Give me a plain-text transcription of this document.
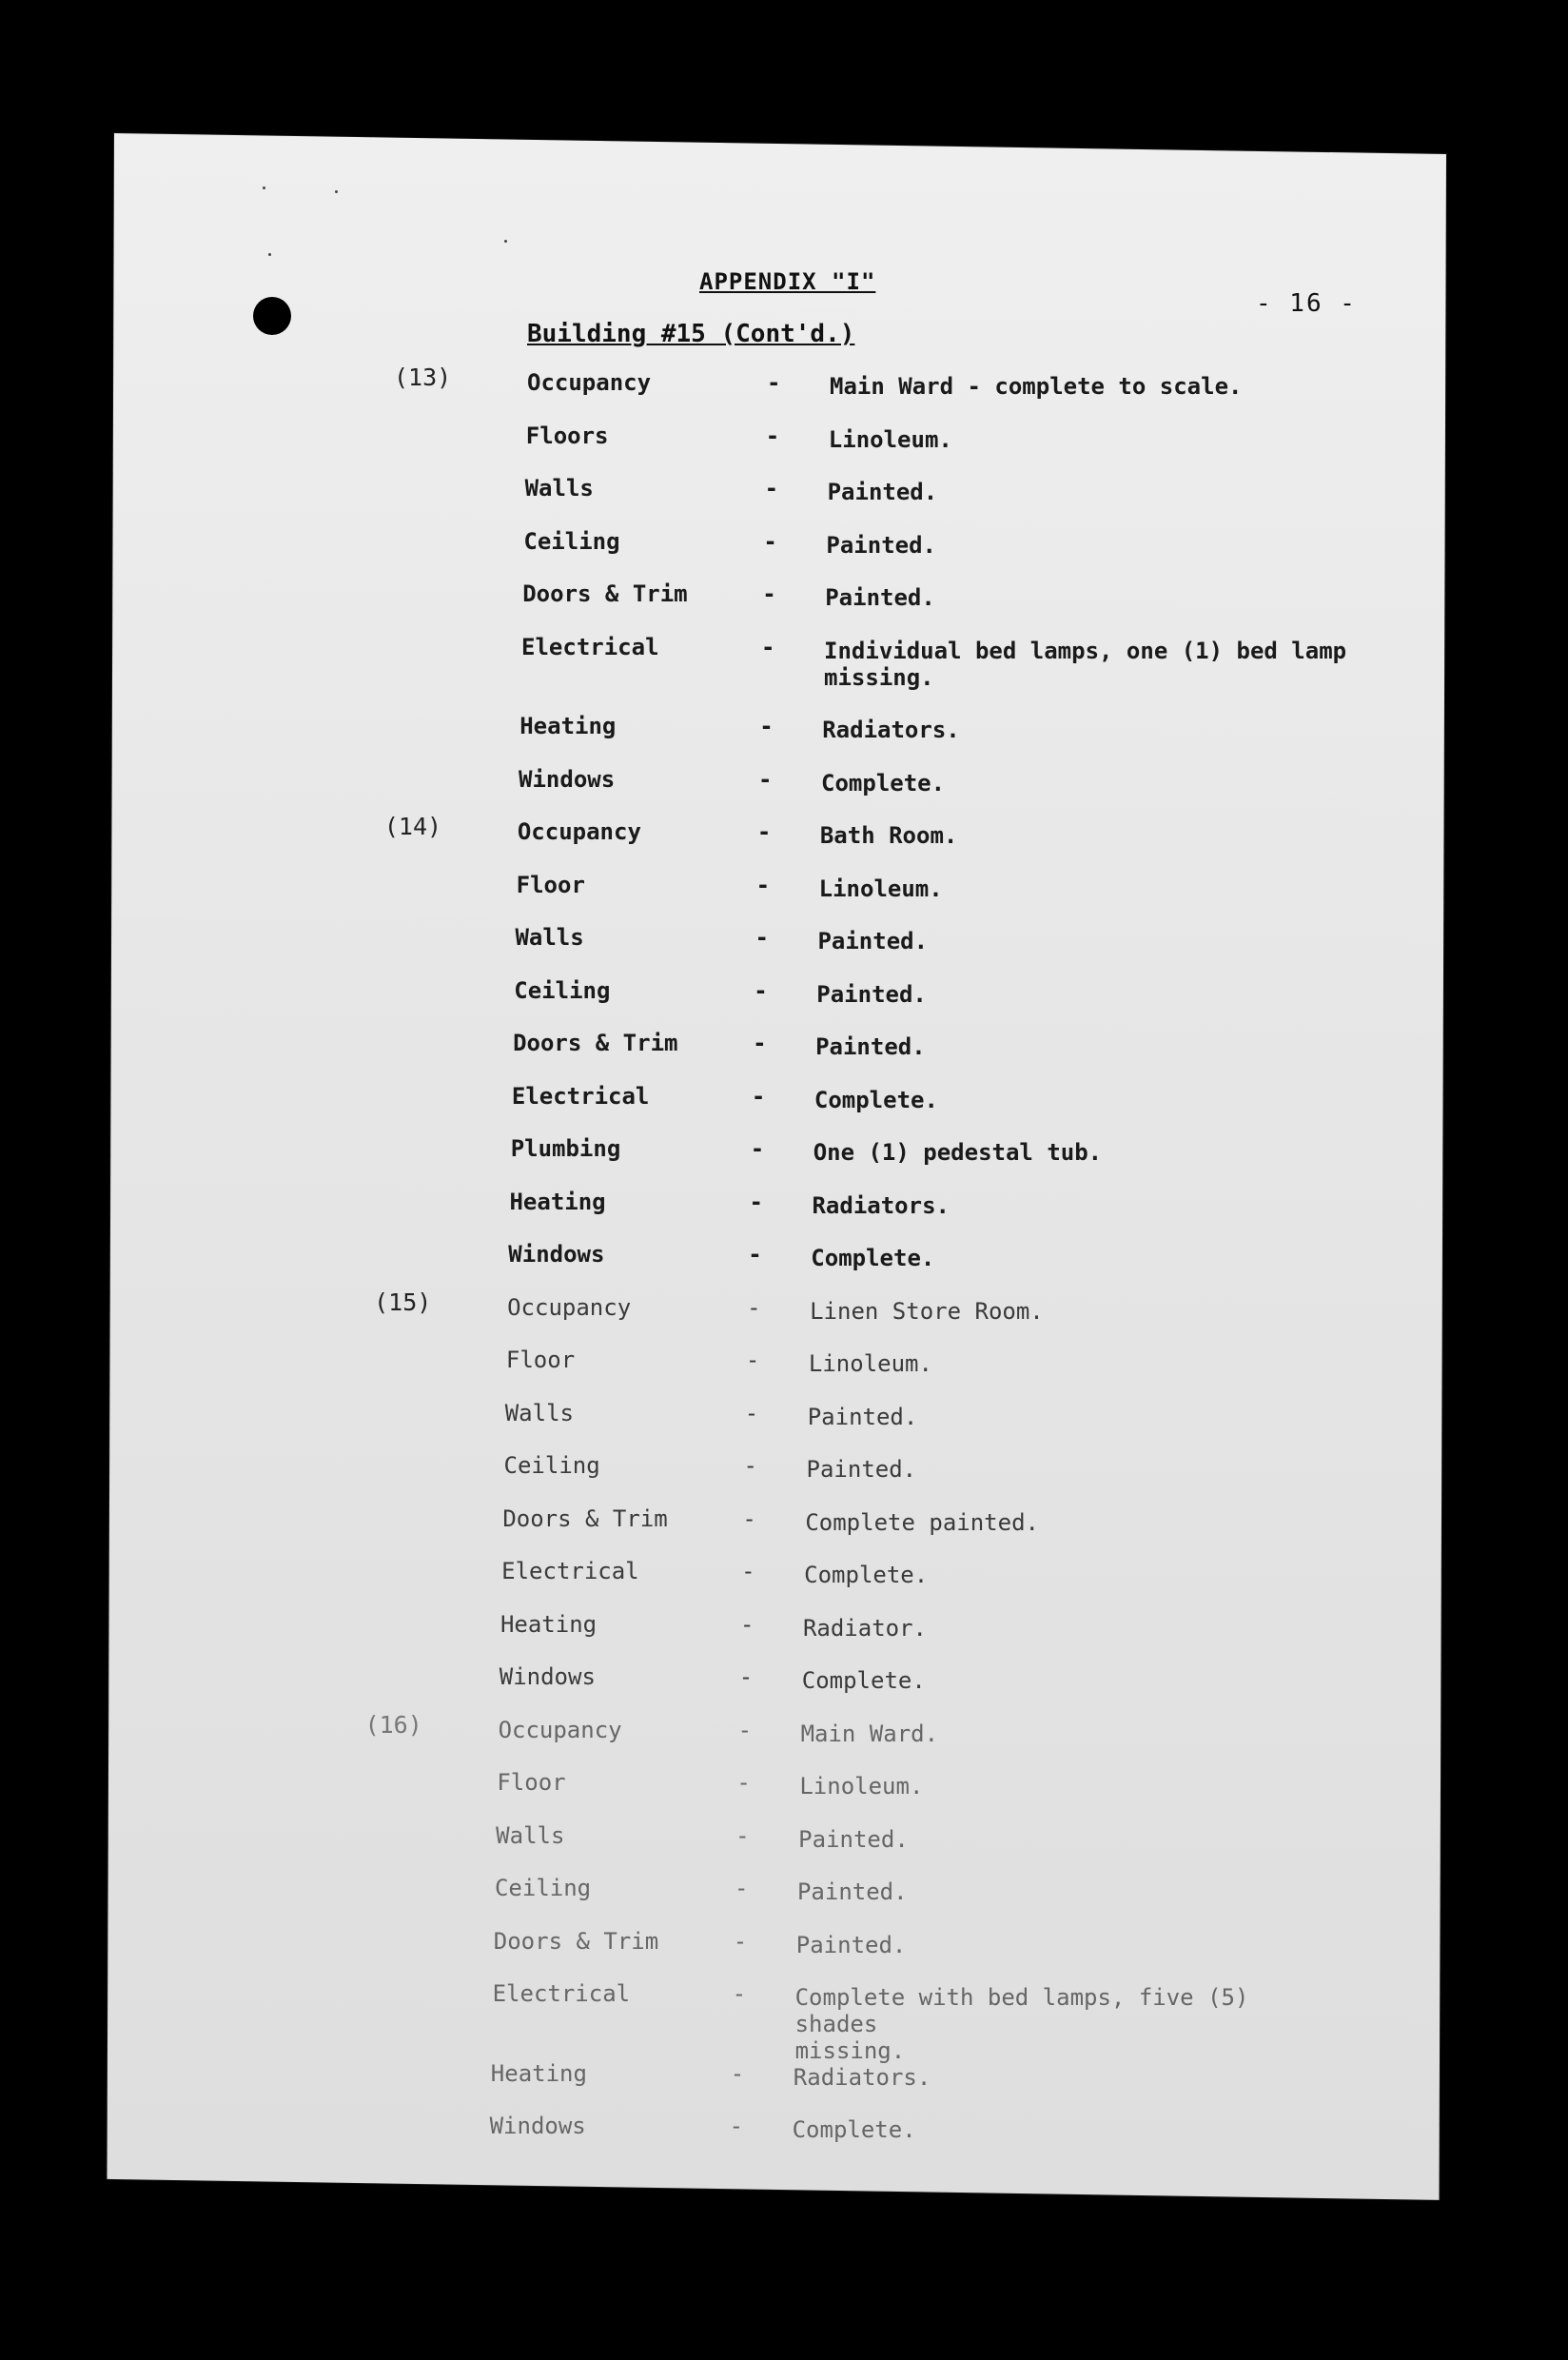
APPENDIX "I"
- 16 -
Building #15 (Cont'd.)
(13)	Occupancy	- Main Ward - complete to scale.
Floors	- Linoleum.
Walls	- Painted.
Ceiling	- Painted.
Doors & Trim	- Painted.
Electrical	- Individual bed lamps, one (1) bed lamp
missing.
Heating	- Radiators.
Windows	- Complete.
(14)	Occupancy	- Bath Room.
Floor	- Linoleum.
Walls	- Painted.
Ceiling	- Painted.
Doors & Trim	- Painted.
Electrical	- Complete.
Plumbing	- One (1) pedestal tub.
Heating	- Radiators.
Windows	- Complete.
(15)	Occupancy	- Linen Store Room.
Floor	- Linoleum.
Walls	- Painted.
Ceiling	- Painted.
Doors & Trim	- Complete painted.
Electrical	- Complete.
Heating	- Radiator.
Windows	- Complete.
(16)	Occupancy	- Main Ward.
Floor	- Linoleum.
Walls	- Painted.
Ceiling	- Painted.
Doors & Trim	- Painted.
Electrical	- Complete with bed lamps, five (5) shades
missing.
Heating	- Radiators.
Windows	- Complete.
